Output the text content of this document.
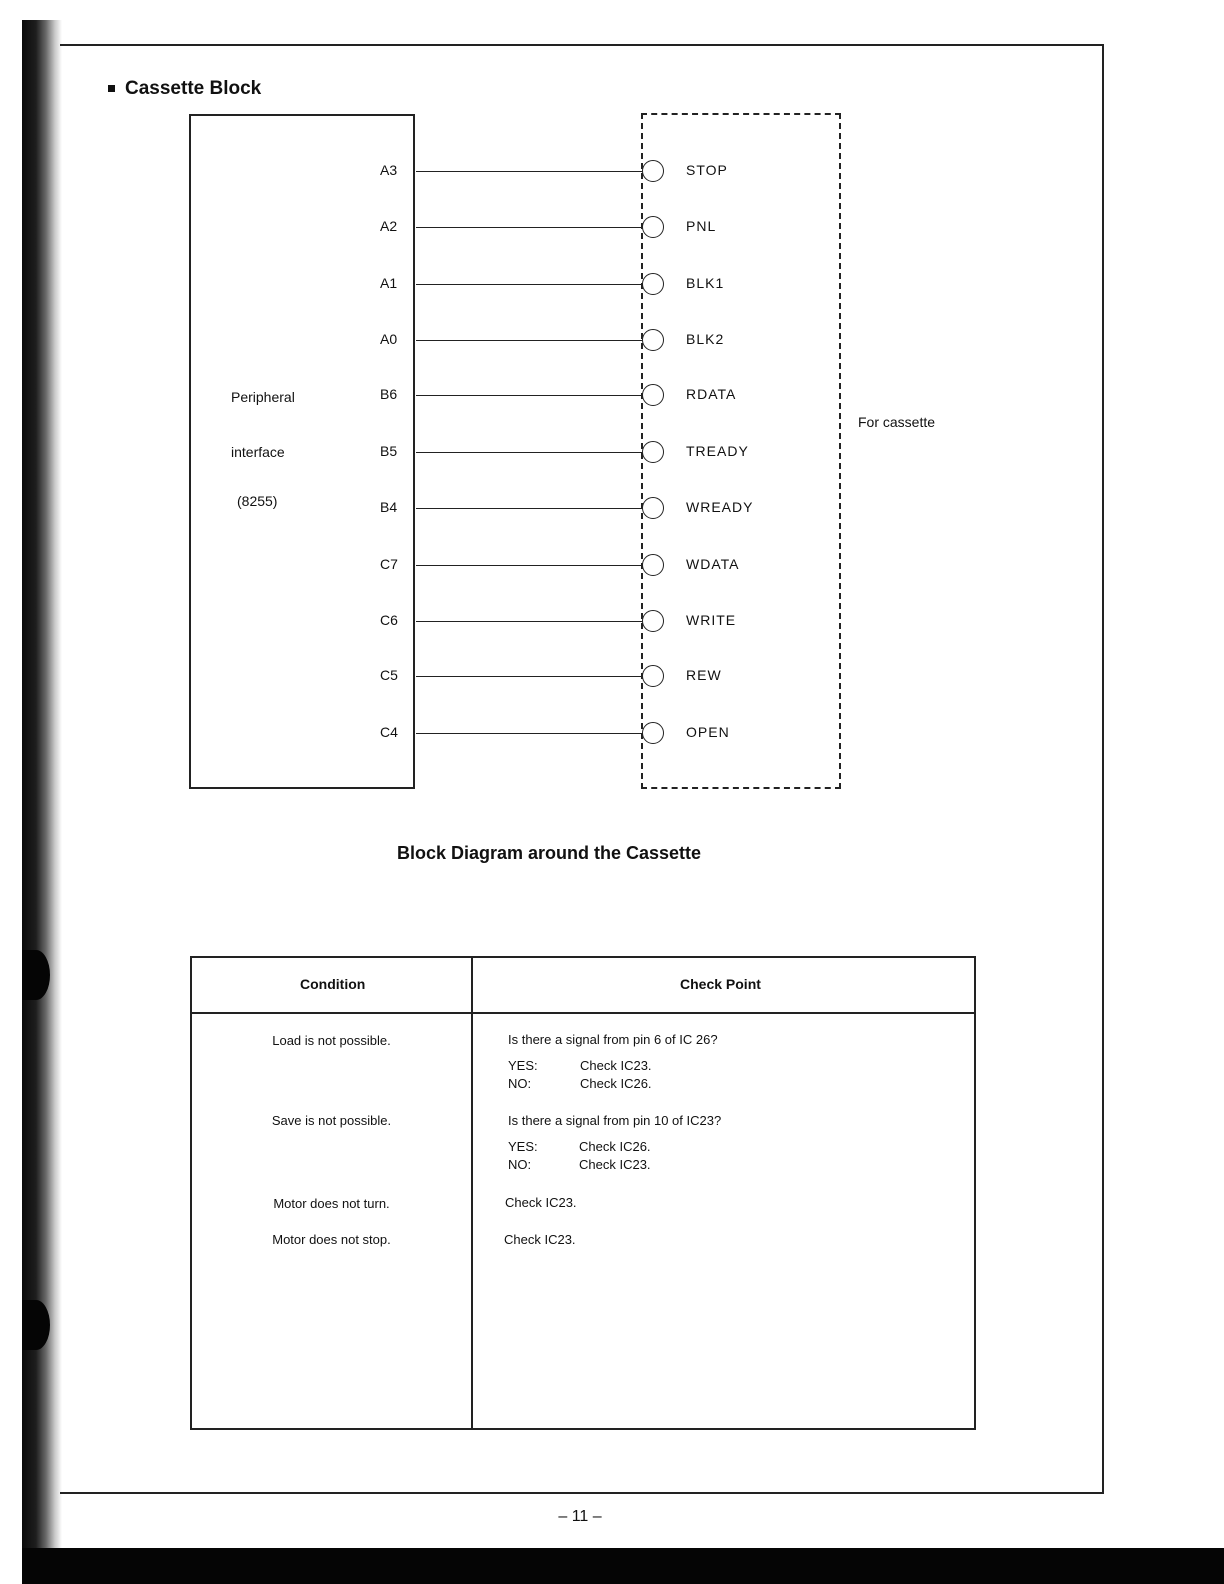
Cassette Block
Peripheral
interface
(8255)
For cassette
A3	STOP
A2	PNL
A1	BLK1
A0	BLK2
B6	RDATA
B5	TREADY
B4	WREADY
C7	WDATA
C6	WRITE
C5	REW
C4	OPEN
Block Diagram around the Cassette
Condition	Check Point
Load is not possible.	Is there a signal from pin 6 of IC 26?
YES:	Check IC23.
NO:	Check IC26.
Save is not possible.	Is there a signal from pin 10 of IC23?
YES:	Check IC26.
NO:	Check IC23.
Motor does not turn.	Check IC23.
Motor does not stop.	Check IC23.
– 11 –
